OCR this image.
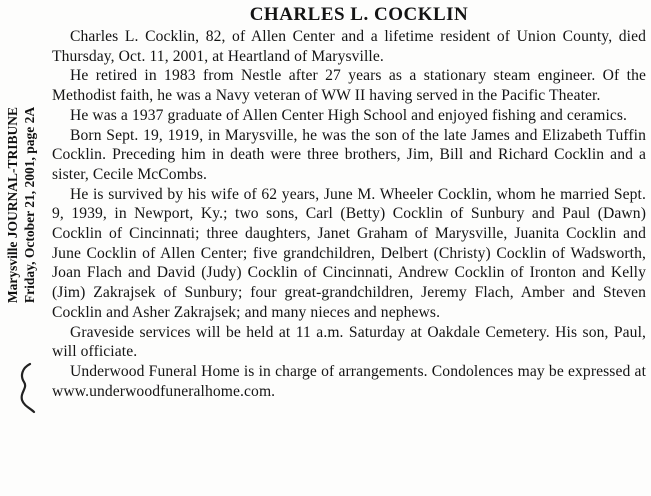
Marysville JOURNAL-TRIBUNE Friday, October 21, 2001, page 2A
CHARLES L. COCKLIN

Charles L. Cocklin, 82, of Allen Center and a lifetime resident of Union County, died Thursday, Oct. 11, 2001, at Heartland of Marysville.

He retired in 1983 from Nestle after 27 years as a stationary steam engineer. Of the Methodist faith, he was a Navy veteran of WW II having served in the Pacific Theater.

He was a 1937 graduate of Allen Center High School and enjoyed fishing and ceramics.

Born Sept. 19, 1919, in Marysville, he was the son of the late James and Elizabeth Tuffin Cocklin. Preceding him in death were three brothers, Jim, Bill and Richard Cocklin and a sister, Cecile McCombs.

He is survived by his wife of 62 years, June M. Wheeler Cocklin, whom he married Sept. 9, 1939, in Newport, Ky.; two sons, Carl (Betty) Cocklin of Sunbury and Paul (Dawn) Cocklin of Cincinnati; three daughters, Janet Graham of Marysville, Juanita Cocklin and June Cocklin of Allen Center; five grandchildren, Delbert (Christy) Cocklin of Wadsworth, Joan Flach and David (Judy) Cocklin of Cincinnati, Andrew Cocklin of Ironton and Kelly (Jim) Zakrajsek of Sunbury; four great-grandchildren, Jeremy Flach, Amber and Steven Cocklin and Asher Zakrajsek; and many nieces and nephews.

Graveside services will be held at 11 a.m. Saturday at Oakdale Cemetery. His son, Paul, will officiate.

Underwood Funeral Home is in charge of arrangements. Condolences may be expressed at www.underwoodfuneralhome.com.
